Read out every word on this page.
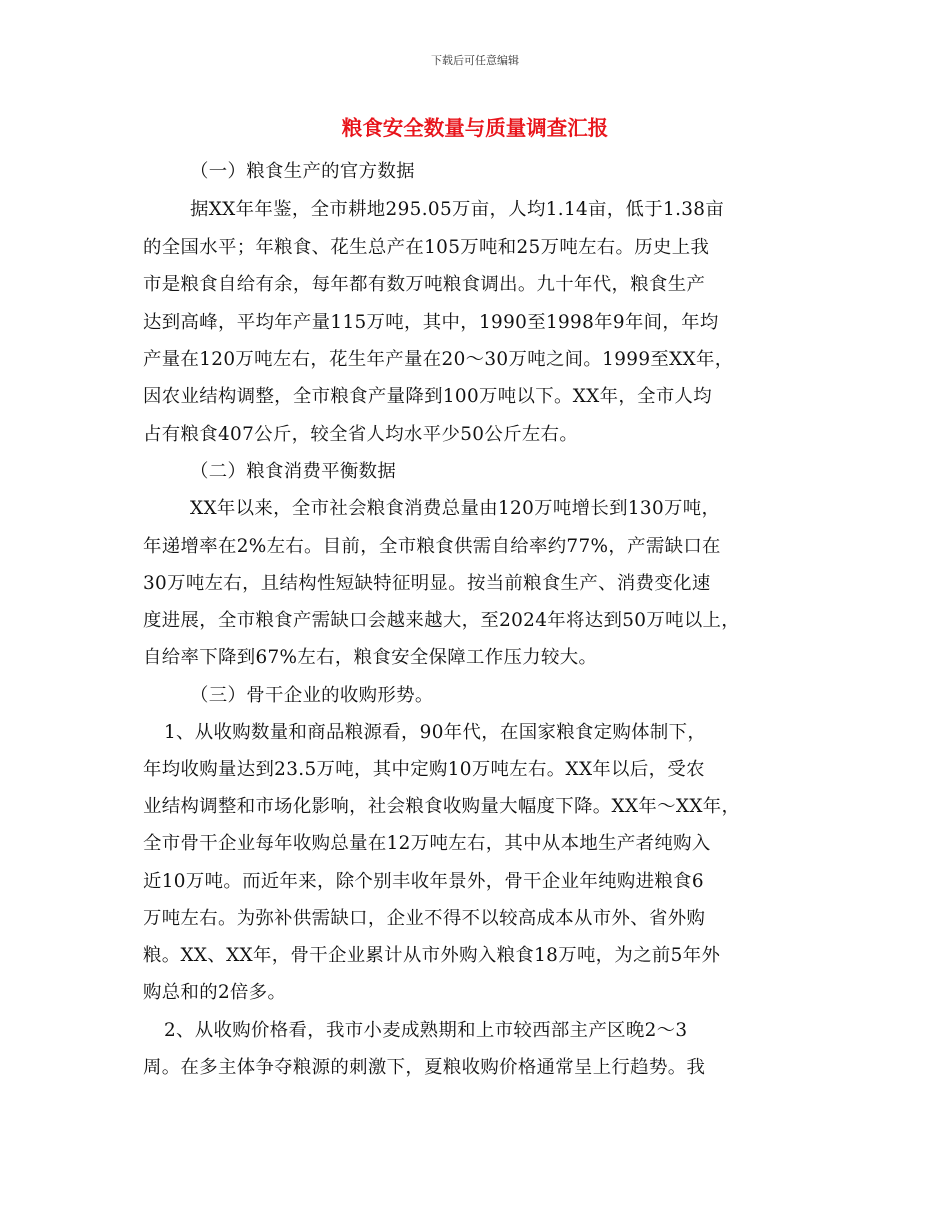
下载后可任意编辑
粮食安全数量与质量调查汇报
（一）粮食生产的官方数据
据XX年年鉴，全市耕地295.05万亩，人均1.14亩，低于1.38亩
的全国水平；年粮食、花生总产在105万吨和25万吨左右。历史上我
市是粮食自给有余，每年都有数万吨粮食调出。九十年代，粮食生产
达到高峰，平均年产量115万吨，其中，1990至1998年9年间，年均
产量在120万吨左右，花生年产量在20～30万吨之间。1999至XX年，
因农业结构调整，全市粮食产量降到100万吨以下。XX年，全市人均
占有粮食407公斤，较全省人均水平少50公斤左右。
（二）粮食消费平衡数据
XX年以来，全市社会粮食消费总量由120万吨增长到130万吨，
年递增率在2%左右。目前，全市粮食供需自给率约77%，产需缺口在
30万吨左右，且结构性短缺特征明显。按当前粮食生产、消费变化速
度进展，全市粮食产需缺口会越来越大，至2024年将达到50万吨以上，
自给率下降到67%左右，粮食安全保障工作压力较大。
（三）骨干企业的收购形势。
1、从收购数量和商品粮源看，90年代，在国家粮食定购体制下，
年均收购量达到23.5万吨，其中定购10万吨左右。XX年以后，受农
业结构调整和市场化影响，社会粮食收购量大幅度下降。XX年～XX年，
全市骨干企业每年收购总量在12万吨左右，其中从本地生产者纯购入
近10万吨。而近年来，除个别丰收年景外，骨干企业年纯购进粮食6
万吨左右。为弥补供需缺口，企业不得不以较高成本从市外、省外购
粮。XX、XX年，骨干企业累计从市外购入粮食18万吨，为之前5年外
购总和的2倍多。
2、从收购价格看，我市小麦成熟期和上市较西部主产区晚2～3
周。在多主体争夺粮源的刺激下，夏粮收购价格通常呈上行趋势。我
